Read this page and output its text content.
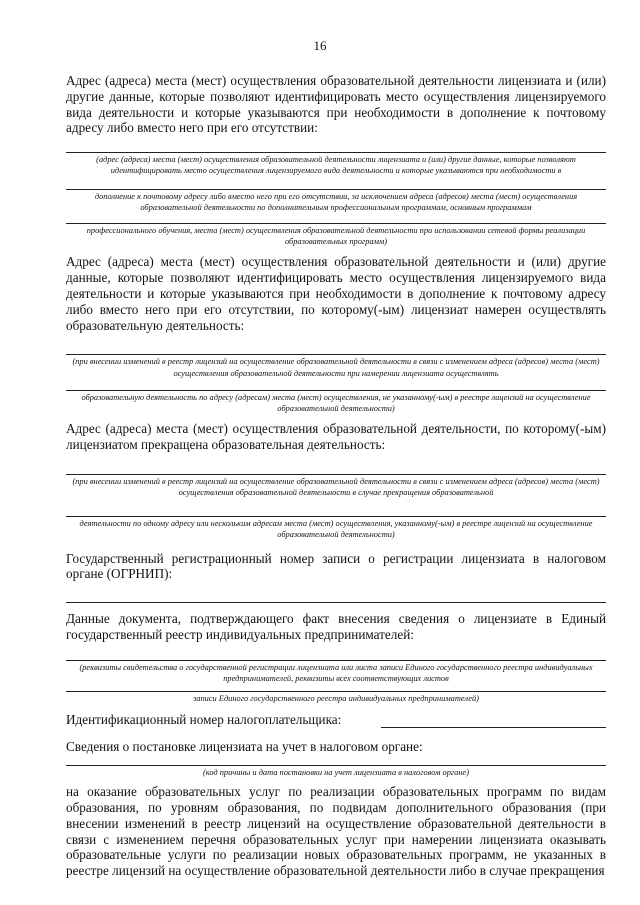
16

Адрес (адреса) места (мест) осуществления образовательной деятельности лицензиата и (или) другие данные, которые позволяют идентифицировать место осуществления лицензируемого вида деятельности и которые указываются при необходимости в дополнение к почтовому адресу либо вместо него при его отсутствии:

(адрес (адреса) места (мест) осуществления образовательной деятельности лицензиата и (или) другие данные, которые позволяют идентифицировать место осуществления лицензируемого вида деятельности и которые указываются при необходимости в

дополнение к почтовому адресу либо вместо него при его отсутствии, за исключением адреса (адресов) места (мест) осуществления образовательной деятельности по дополнительным профессиональным программам, основным программам

профессионального обучения, места (мест) осуществления образовательной деятельности при использовании сетевой формы реализации образовательных программ)

Адрес (адреса) места (мест) осуществления образовательной деятельности и (или) другие данные, которые позволяют идентифицировать место осуществления лицензируемого вида деятельности и которые указываются при необходимости в дополнение к почтовому адресу либо вместо него при его отсутствии, по которому(-ым) лицензиат намерен осуществлять образовательную деятельность:

(при внесении изменений в реестр лицензий на осуществление образовательной деятельности в связи с изменением адреса (адресов) места (мест) осуществления образовательной деятельности при намерении лицензиата осуществлять

образовательную деятельность по адресу (адресам) места (мест) осуществления, не указанному(-ым) в реестре лицензий на осуществление образовательной деятельности)

Адрес (адреса) места (мест) осуществления образовательной деятельности, по которому(-ым) лицензиатом прекращена образовательная деятельность:

(при внесении изменений в реестр лицензий на осуществление образовательной деятельности в связи с изменением адреса (адресов) места (мест) осуществления образовательной деятельности в случае прекращения образовательной

деятельности по одному адресу или нескольким адресам места (мест) осуществления, указанному(-ым) в реестре лицензий на осуществление образовательной деятельности)

Государственный регистрационный номер записи о регистрации лицензиата в налоговом органе (ОГРНИП):

Данные документа, подтверждающего факт внесения сведения о лицензиате в Единый государственный реестр индивидуальных предпринимателей:

(реквизиты свидетельства о государственной регистрации лицензиата или листа записи Единого государственного реестра индивидуальных предпринимателей, реквизиты всех соответствующих листов

записи Единого государственного реестра индивидуальных предпринимателей)

Идентификационный номер налогоплательщика:

Сведения о постановке лицензиата на учет в налоговом органе:

(код причины и дата постановки на учет лицензиата в налоговом органе)

на оказание образовательных услуг по реализации образовательных программ по видам образования, по уровням образования, по подвидам дополнительного образования (при внесении изменений в реестр лицензий на осуществление образовательной деятельности в связи с изменением перечня образовательных услуг при намерении лицензиата оказывать образовательные услуги по реализации новых образовательных программ, не указанных в реестре лицензий на осуществление образовательной деятельности либо в случае прекращения
